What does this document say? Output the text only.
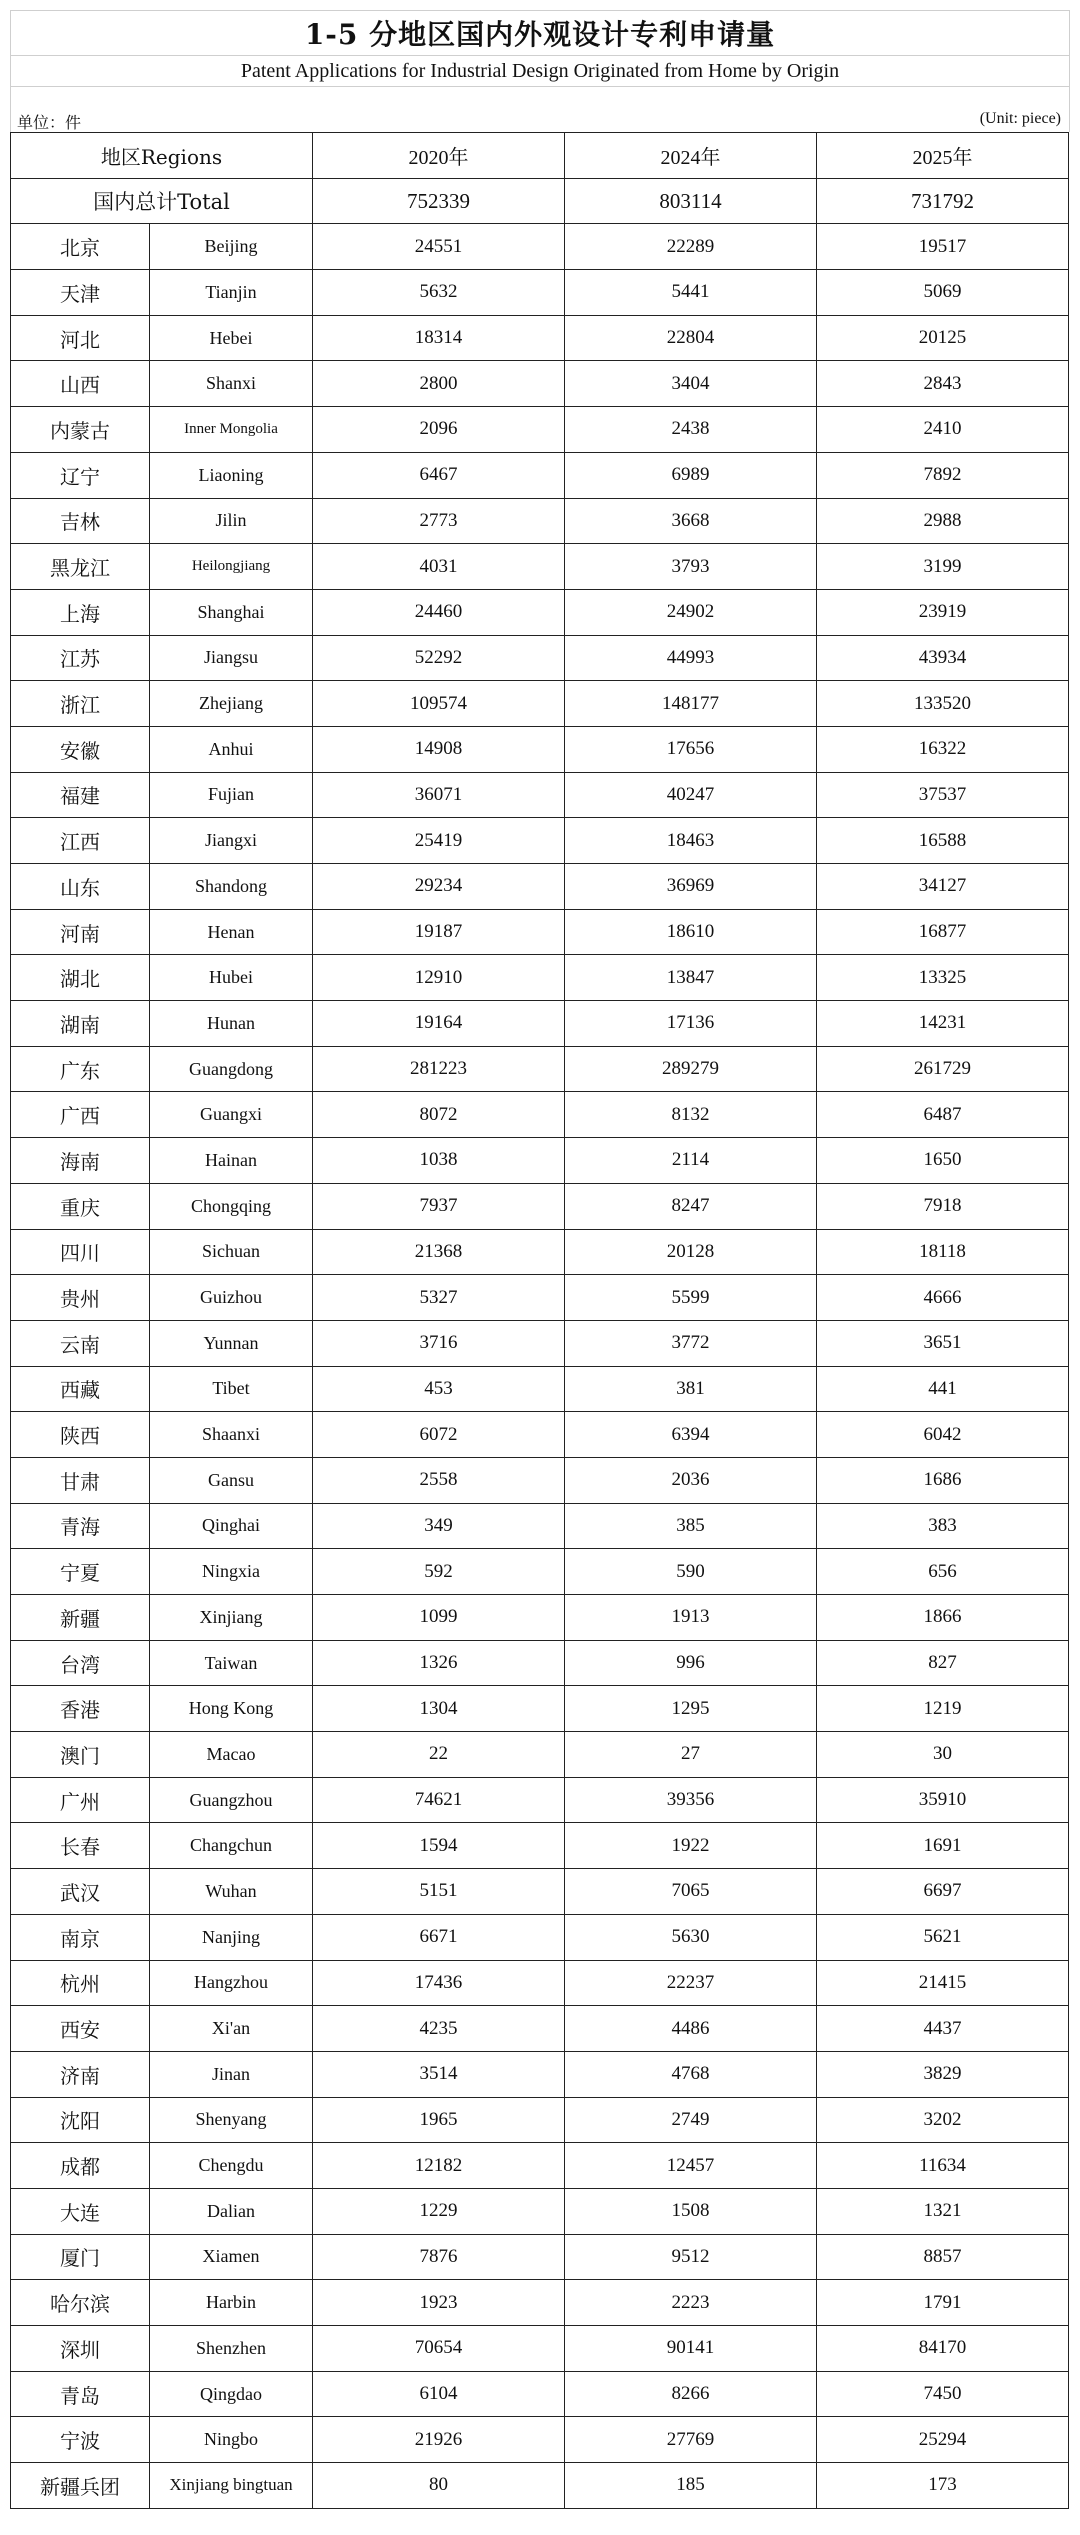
1-5 分地区国内外观设计专利申请量
Patent Applications for Industrial Design Originated from Home by Origin
单位：件	(Unit: piece)
地区Regions		2020年	2024年	2025年
国内总计Total		752339	803114	731792
北京	Beijing	24551	22289	19517
天津	Tianjin	5632	5441	5069
河北	Hebei	18314	22804	20125
山西	Shanxi	2800	3404	2843
内蒙古	Inner Mongolia	2096	2438	2410
辽宁	Liaoning	6467	6989	7892
吉林	Jilin	2773	3668	2988
黑龙江	Heilongjiang	4031	3793	3199
上海	Shanghai	24460	24902	23919
江苏	Jiangsu	52292	44993	43934
浙江	Zhejiang	109574	148177	133520
安徽	Anhui	14908	17656	16322
福建	Fujian	36071	40247	37537
江西	Jiangxi	25419	18463	16588
山东	Shandong	29234	36969	34127
河南	Henan	19187	18610	16877
湖北	Hubei	12910	13847	13325
湖南	Hunan	19164	17136	14231
广东	Guangdong	281223	289279	261729
广西	Guangxi	8072	8132	6487
海南	Hainan	1038	2114	1650
重庆	Chongqing	7937	8247	7918
四川	Sichuan	21368	20128	18118
贵州	Guizhou	5327	5599	4666
云南	Yunnan	3716	3772	3651
西藏	Tibet	453	381	441
陕西	Shaanxi	6072	6394	6042
甘肃	Gansu	2558	2036	1686
青海	Qinghai	349	385	383
宁夏	Ningxia	592	590	656
新疆	Xinjiang	1099	1913	1866
台湾	Taiwan	1326	996	827
香港	Hong Kong	1304	1295	1219
澳门	Macao	22	27	30
广州	Guangzhou	74621	39356	35910
长春	Changchun	1594	1922	1691
武汉	Wuhan	5151	7065	6697
南京	Nanjing	6671	5630	5621
杭州	Hangzhou	17436	22237	21415
西安	Xi'an	4235	4486	4437
济南	Jinan	3514	4768	3829
沈阳	Shenyang	1965	2749	3202
成都	Chengdu	12182	12457	11634
大连	Dalian	1229	1508	1321
厦门	Xiamen	7876	9512	8857
哈尔滨	Harbin	1923	2223	1791
深圳	Shenzhen	70654	90141	84170
青岛	Qingdao	6104	8266	7450
宁波	Ningbo	21926	27769	25294
新疆兵团	Xinjiang bingtuan	80	185	173
